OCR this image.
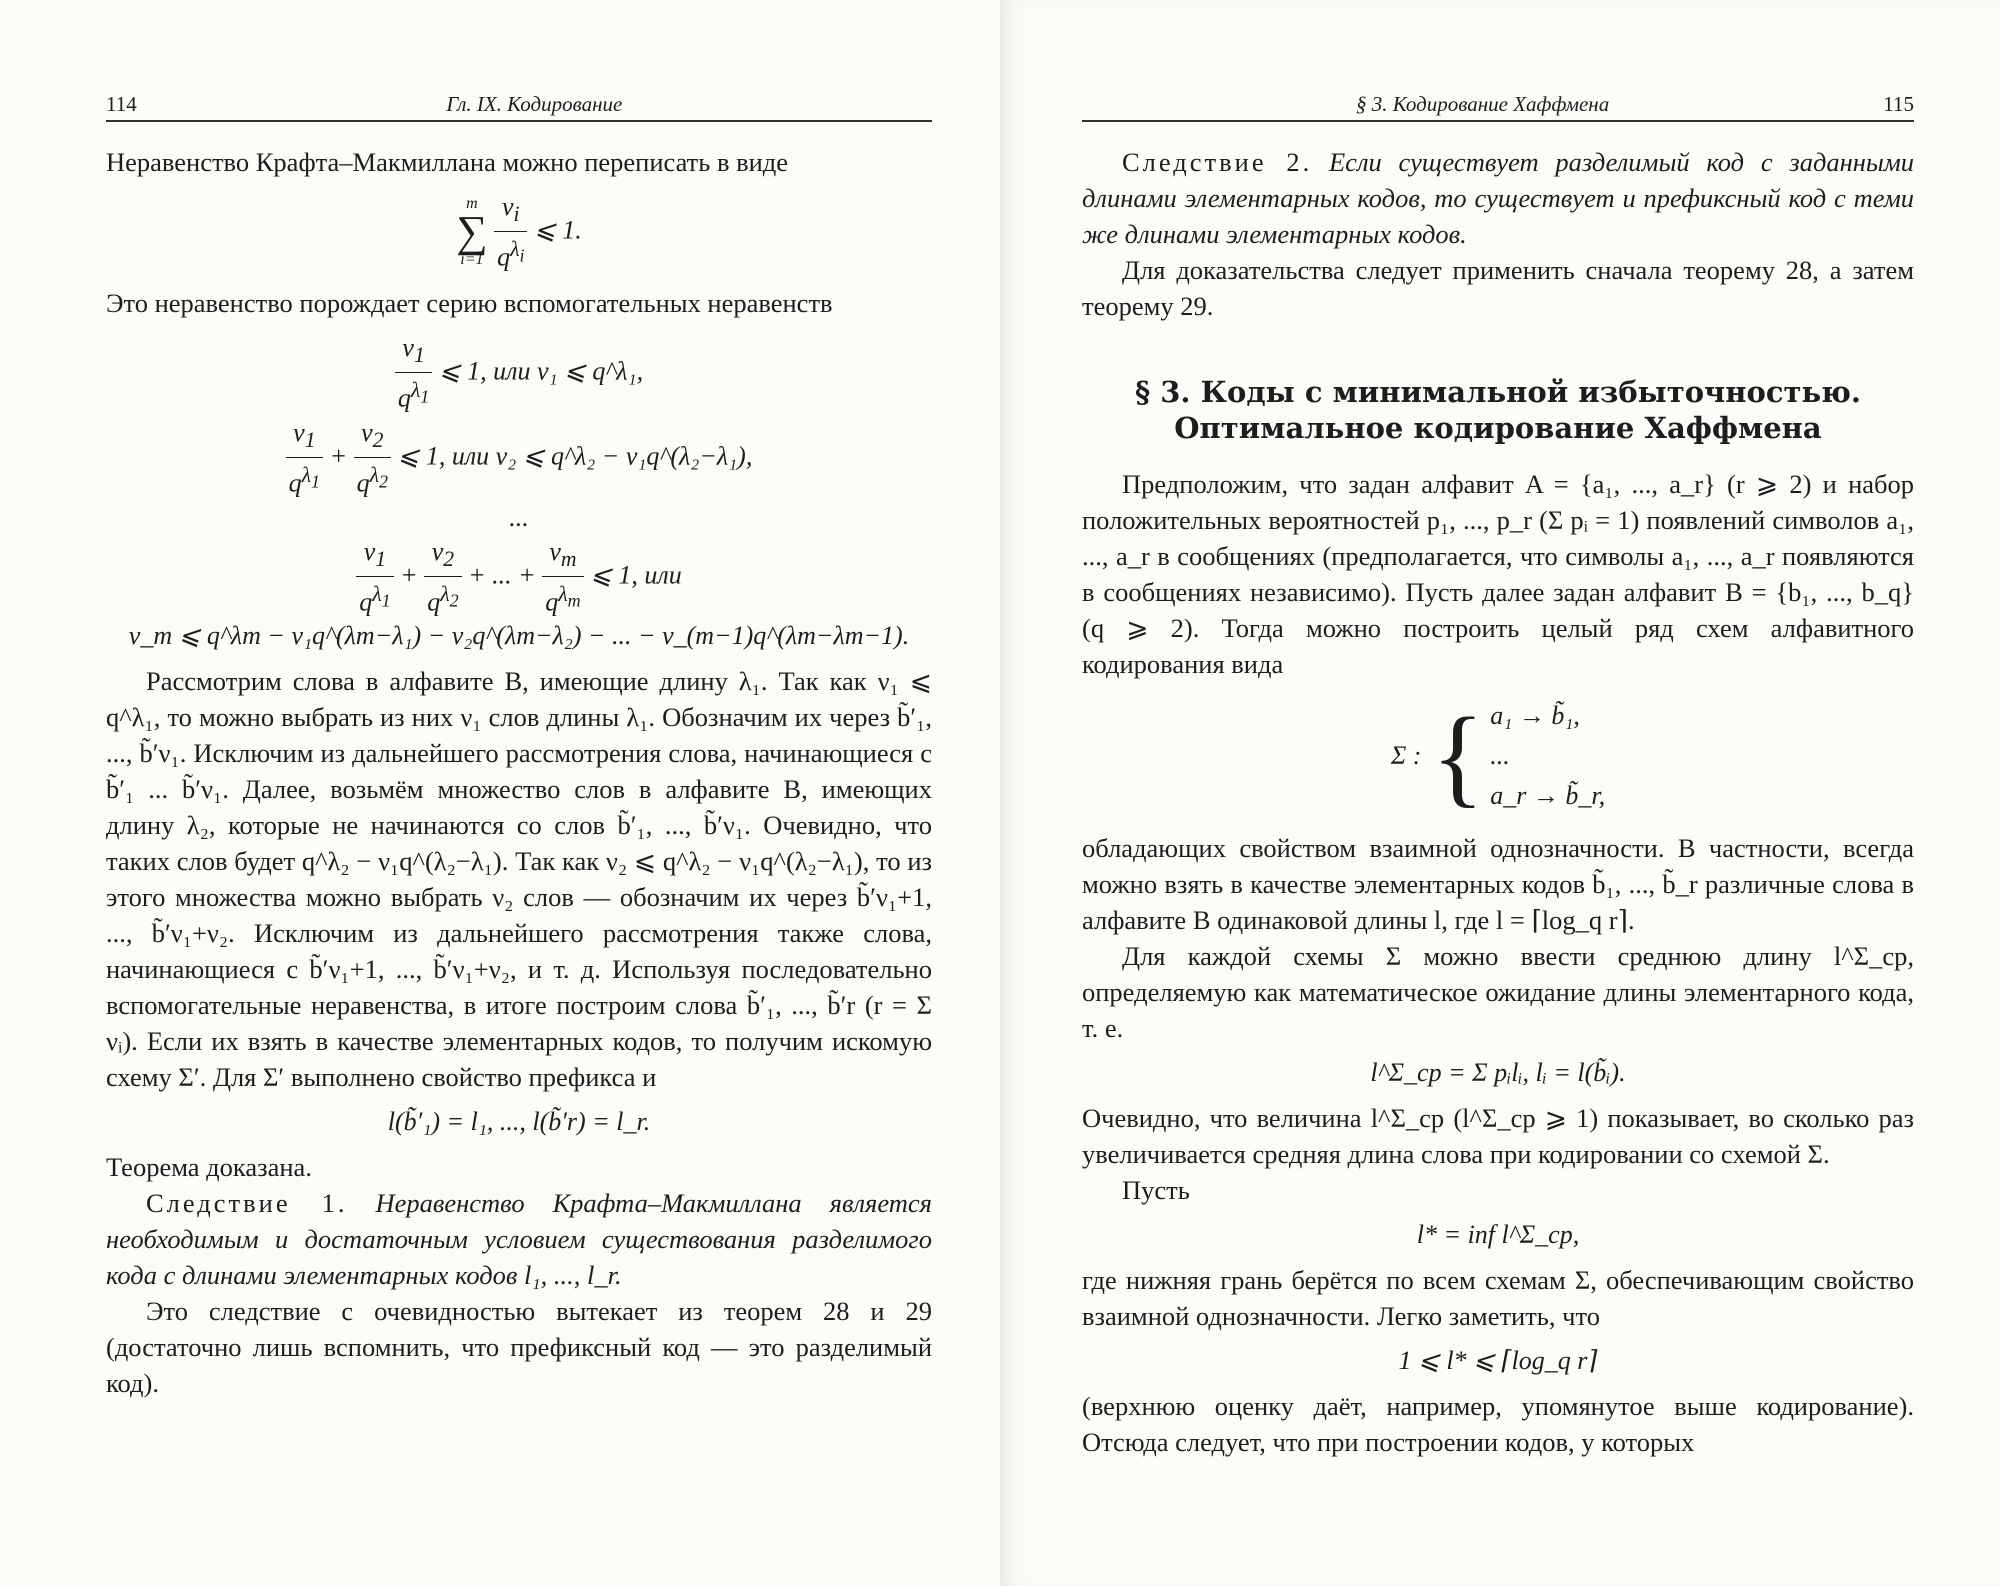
114	Гл. IX. Кодирование

Неравенство Крафта–Макмиллана можно переписать в виде

m
∑
i=1
$\frac{\nu_i}{q^{\lambda_i}}$ ⩽ 1.

Это неравенство порождает серию вспомогательных неравенств

$\frac{\nu_1}{q^{\lambda_1}}$ ⩽ 1, или ν₁ ⩽ q^λ₁,
$\frac{\nu_1}{q^{\lambda_1}} + \frac{\nu_2}{q^{\lambda_2}}$ ⩽ 1, или ν₂ ⩽ q^λ₂ − ν₁q^(λ₂−λ₁),
...
$\frac{\nu_1}{q^{\lambda_1}} + \frac{\nu_2}{q^{\lambda_2}}$ + ... + $\frac{\nu_m}{q^{\lambda_m}}$ ⩽ 1, или
ν_m ⩽ q^λm − ν₁q^(λm−λ₁) − ν₂q^(λm−λ₂) − ... − ν_(m−1)q^(λm−λm−1).

Рассмотрим слова в алфавите B, имеющие длину λ₁. Так как ν₁ ⩽ q^λ₁, то можно выбрать из них ν₁ слов длины λ₁. Обозначим их через b̃′₁, ..., b̃′ν₁. Исключим из дальнейшего рассмотрения слова, начинающиеся с b̃′₁ ... b̃′ν₁. Далее, возьмём множество слов в алфавите B, имеющих длину λ₂, которые не начинаются со слов b̃′₁, ..., b̃′ν₁. Очевидно, что таких слов будет q^λ₂ − ν₁q^(λ₂−λ₁). Так как ν₂ ⩽ q^λ₂ − ν₁q^(λ₂−λ₁), то из этого множества можно выбрать ν₂ слов — обозначим их через b̃′ν₁+1, ..., b̃′ν₁+ν₂. Исключим из дальнейшего рассмотрения также слова, начинающиеся с b̃′ν₁+1, ..., b̃′ν₁+ν₂, и т. д. Используя последовательно вспомогательные неравенства, в итоге построим слова b̃′₁, ..., b̃′r (r = Σ νᵢ). Если их взять в качестве элементарных кодов, то получим искомую схему Σ′. Для Σ′ выполнено свойство префикса и

l(b̃′₁) = l₁, ..., l(b̃′r) = l_r.

Теорема доказана.

Следствие 1. Неравенство Крафта–Макмиллана является необходимым и достаточным условием существования разделимого кода с длинами элементарных кодов l₁, ..., l_r.

Это следствие с очевидностью вытекает из теорем 28 и 29 (достаточно лишь вспомнить, что префиксный код — это разделимый код).

§ 3. Кодирование Хаффмена	115

Следствие 2. Если существует разделимый код с заданными длинами элементарных кодов, то существует и префиксный код с теми же длинами элементарных кодов.

Для доказательства следует применить сначала теорему 28, а затем теорему 29.

§ 3. Коды с минимальной избыточностью.
Оптимальное кодирование Хаффмена

Предположим, что задан алфавит A = {a₁, ..., a_r} (r ⩾ 2) и набор положительных вероятностей p₁, ..., p_r (Σ pᵢ = 1) появлений символов a₁, ..., a_r в сообщениях (предполагается, что символы a₁, ..., a_r появляются в сообщениях независимо). Пусть далее задан алфавит B = {b₁, ..., b_q} (q ⩾ 2). Тогда можно построить целый ряд схем алфавитного кодирования вида

Σ : { a₁ → b̃₁,
...
a_r → b̃_r,

обладающих свойством взаимной однозначности. В частности, всегда можно взять в качестве элементарных кодов b̃₁, ..., b̃_r различные слова в алфавите B одинаковой длины l, где l = ⌈log_q r⌉.

Для каждой схемы Σ можно ввести среднюю длину l^Σ_ср, определяемую как математическое ожидание длины элементарного кода, т. е.

l^Σ_ср = Σ pᵢlᵢ, lᵢ = l(b̃ᵢ).

Очевидно, что величина l^Σ_ср (l^Σ_ср ⩾ 1) показывает, во сколько раз увеличивается средняя длина слова при кодировании со схемой Σ.

Пусть

l* = inf l^Σ_ср,

где нижняя грань берётся по всем схемам Σ, обеспечивающим свойство взаимной однозначности. Легко заметить, что

1 ⩽ l* ⩽ ⌈log_q r⌉

(верхнюю оценку даёт, например, упомянутое выше кодирование). Отсюда следует, что при построении кодов, у которых
